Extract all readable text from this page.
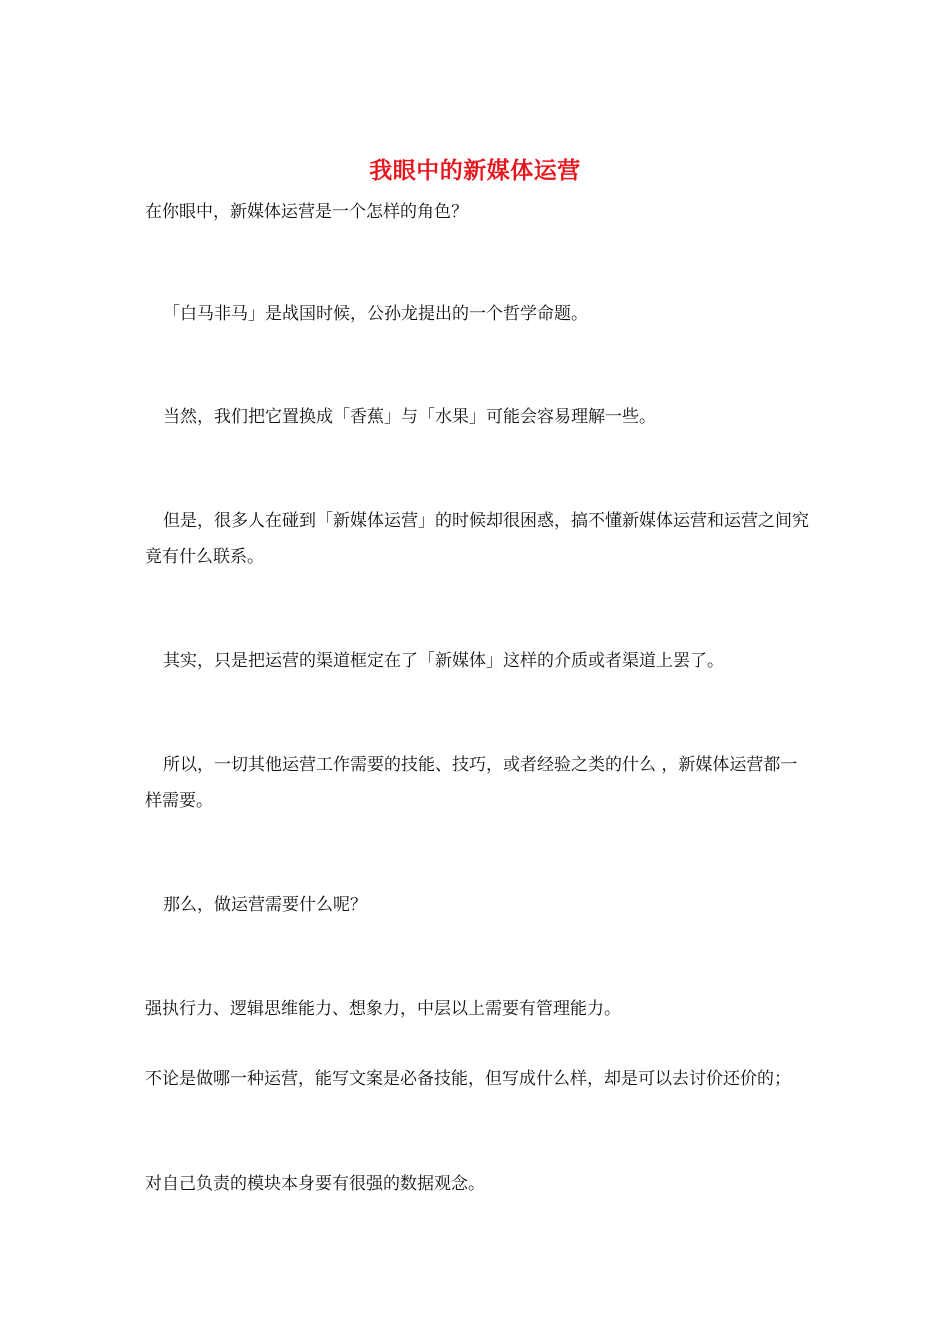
我眼中的新媒体运营

在你眼中，新媒体运营是一个怎样的角色？

「白马非马」是战国时候，公孙龙提出的一个哲学命题。

当然，我们把它置换成「香蕉」与「水果」可能会容易理解一些。

但是，很多人在碰到「新媒体运营」的时候却很困惑，搞不懂新媒体运营和运营之间究竟有什么联系。

其实，只是把运营的渠道框定在了「新媒体」这样的介质或者渠道上罢了。

所以，一切其他运营工作需要的技能、技巧，或者经验之类的什么 ，新媒体运营都一样需要。

那么，做运营需要什么呢？

强执行力、逻辑思维能力、想象力，中层以上需要有管理能力。

不论是做哪一种运营，能写文案是必备技能，但写成什么样，却是可以去讨价还价的；

对自己负责的模块本身要有很强的数据观念。
